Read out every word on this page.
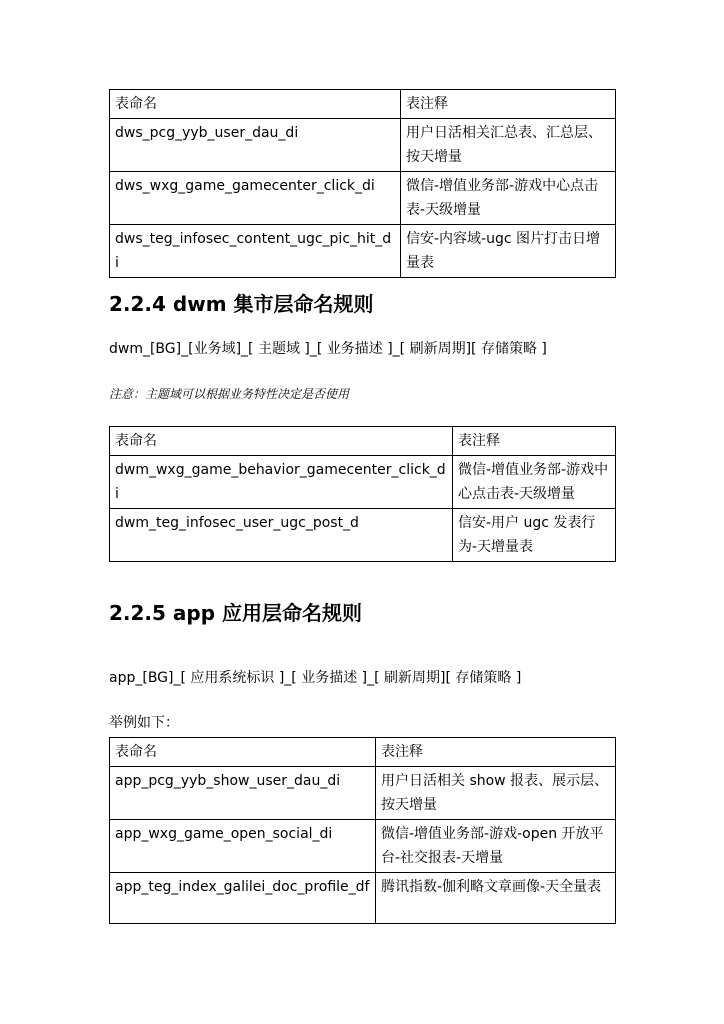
表命名	表注释
dws_pcg_yyb_user_dau_di	用户日活相关汇总表、汇总层、按天增量
dws_wxg_game_gamecenter_click_di	微信-增值业务部-游戏中心点击表-天级增量
dws_teg_infosec_content_ugc_pic_hit_di	信安-内容域-ugc 图片打击日增量表
2.2.4 dwm 集市层命名规则

dwm_[BG]_[业务域]_[ 主题域 ]_[ 业务描述 ]_[ 刷新周期][ 存储策略 ]

注意：主题域可以根据业务特性决定是否使用

表命名	表注释
dwm_wxg_game_behavior_gamecenter_click_di	微信-增值业务部-游戏中心点击表-天级增量
dwm_teg_infosec_user_ugc_post_d	信安-用户 ugc 发表行为-天增量表
2.2.5 app 应用层命名规则

app_[BG]_[ 应用系统标识 ]_[ 业务描述 ]_[ 刷新周期][ 存储策略 ]

举例如下：

表命名	表注释
app_pcg_yyb_show_user_dau_di	用户日活相关 show 报表、展示层、按天增量
app_wxg_game_open_social_di	微信-增值业务部-游戏-open 开放平台-社交报表-天增量
app_teg_index_galilei_doc_profile_df	腾讯指数-伽利略文章画像-天全量表
